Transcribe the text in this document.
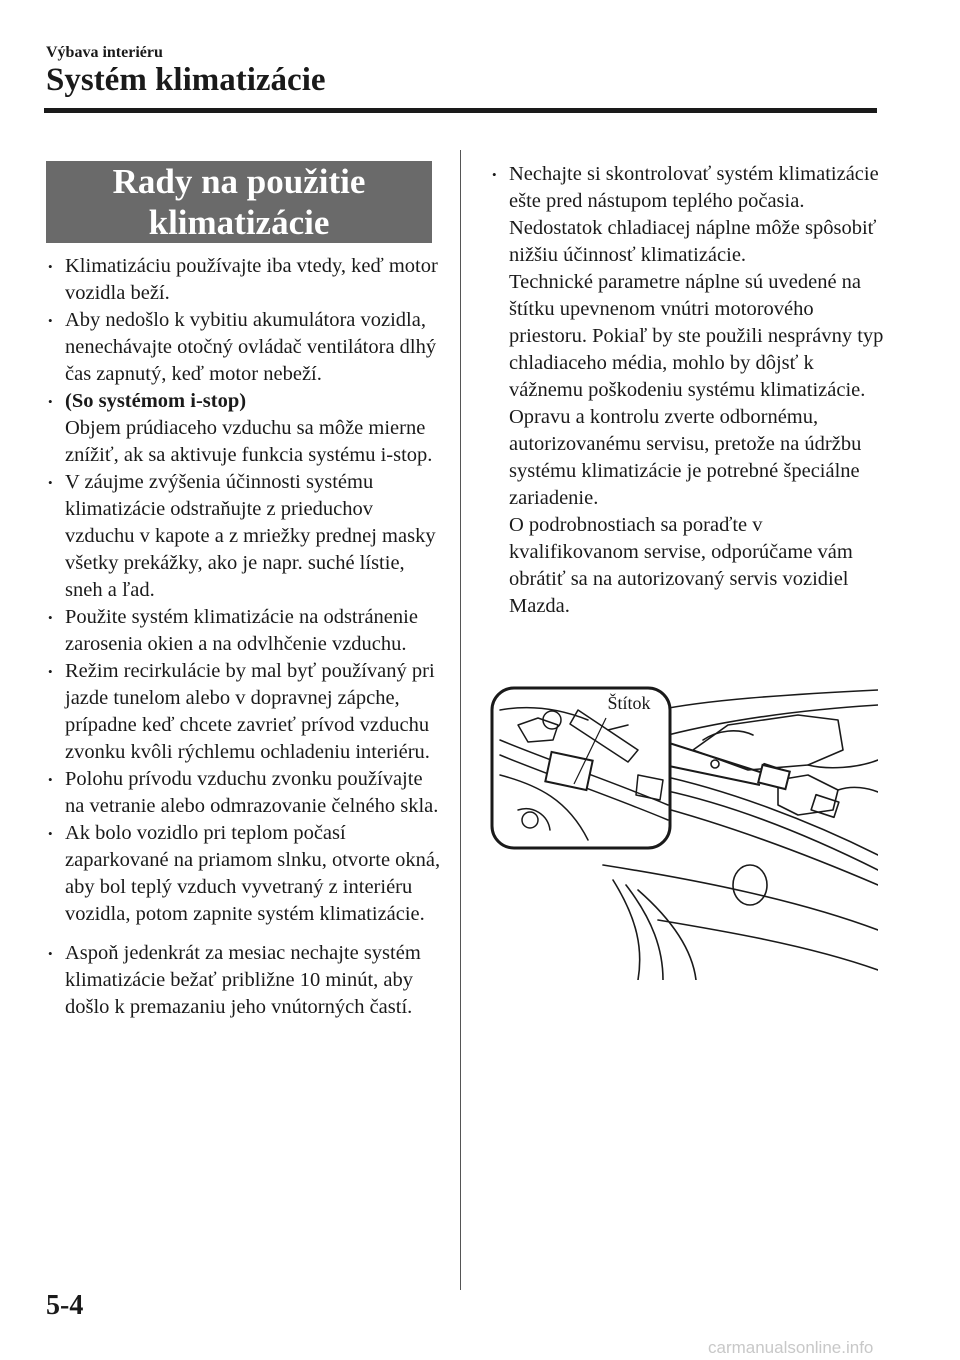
Výbava interiéru
Systém klimatizácie
Rady na použitie
klimatizácie
• Klimatizáciu používajte iba vtedy, keď motor vozidla beží.
• Aby nedošlo k vybitiu akumulátora vozidla, nenechávajte otočný ovládač ventilátora dlhý čas zapnutý, keď motor nebeží.
• (So systémom i-stop)
Objem prúdiaceho vzduchu sa môže mierne znížiť, ak sa aktivuje funkcia systému i-stop.
• V záujme zvýšenia účinnosti systému klimatizácie odstraňujte z prieduchov vzduchu v kapote a z mriežky prednej masky všetky prekážky, ako je napr. suché lístie, sneh a ľad.
• Použite systém klimatizácie na odstránenie zarosenia okien a na odvlhčenie vzduchu.
• Režim recirkulácie by mal byť používaný pri jazde tunelom alebo v dopravnej zápche, prípadne keď chcete zavrieť prívod vzduchu zvonku kvôli rýchlemu ochladeniu interiéru.
• Polohu prívodu vzduchu zvonku používajte na vetranie alebo odmrazovanie čelného skla.
• Ak bolo vozidlo pri teplom počasí zaparkované na priamom slnku, otvorte okná, aby bol teplý vzduch vyvetraný z interiéru vozidla, potom zapnite systém klimatizácie.
• Aspoň jedenkrát za mesiac nechajte systém klimatizácie bežať približne 10 minút, aby došlo k premazaniu jeho vnútorných častí.
• Nechajte si skontrolovať systém klimatizácie ešte pred nástupom teplého počasia. Nedostatok chladiacej náplne môže spôsobiť nižšiu účinnosť klimatizácie.
Technické parametre náplne sú uvedené na štítku upevnenom vnútri motorového priestoru. Pokiaľ by ste použili nesprávny typ chladiaceho média, mohlo by dôjsť k vážnemu poškodeniu systému klimatizácie. Opravu a kontrolu zverte odbornému, autorizovanému servisu, pretože na údržbu systému klimatizácie je potrebné špeciálne zariadenie.
O podrobnostiach sa poraďte v kvalifikovanom servise, odporúčame vám obrátiť sa na autorizovaný servis vozidiel Mazda.
Štítok
5-4
carmanualsonline.info
